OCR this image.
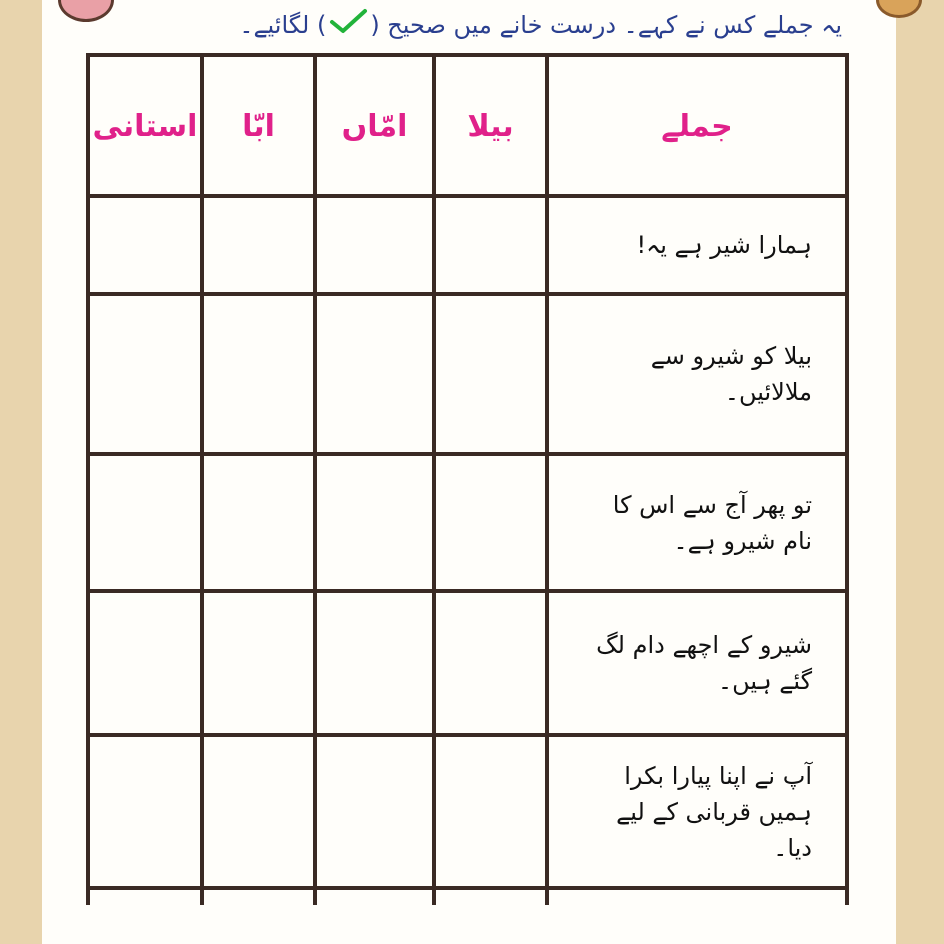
یہ جملے کس نے کہے۔ درست خانے میں صحیح () لگائیے۔
جملے
بیلا
امّاں
ابّا
استانی
ہمارا شیر ہے یہ!
بیلا کو شیرو سے ملالائیں۔
تو پھر آج سے اس کا نام شیرو ہے۔
شیرو کے اچھے دام لگ گئے ہیں۔
آپ نے اپنا پیارا بکرا ہمیں قربانی کے لیے دیا۔
